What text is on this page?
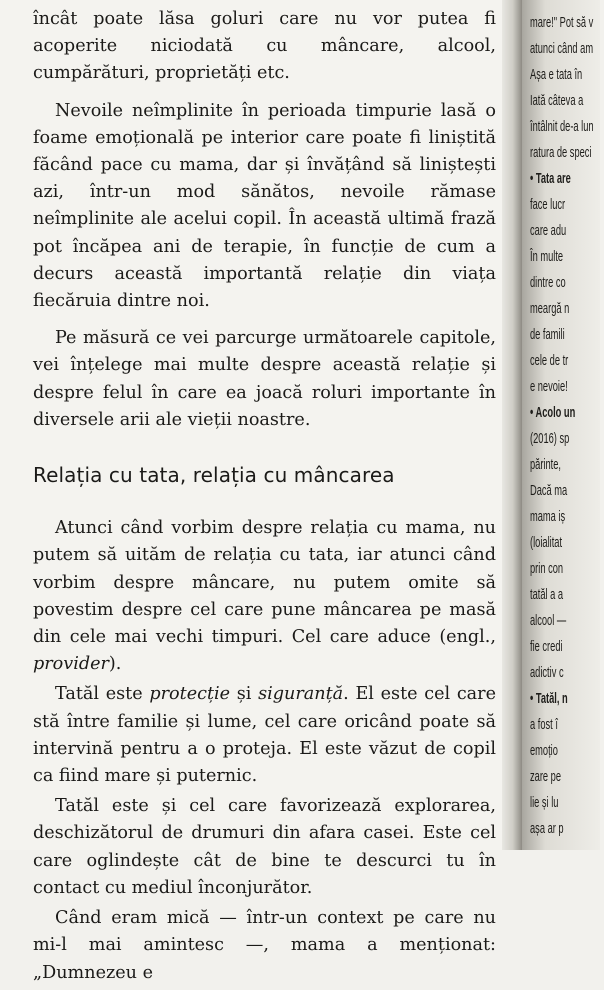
încât poate lăsa goluri care nu vor putea fi acoperite niciodată cu mâncare, alcool, cumpărături, proprietăți etc.

Nevoile neîmplinite în perioada timpurie lasă o foame emoțională pe interior care poate fi liniștită făcând pace cu mama, dar și învățând să liniștești azi, într-un mod sănătos, nevoile rămase neîmplinite ale acelui copil. În această ultimă frază pot încăpea ani de terapie, în funcție de cum a decurs această importantă relație din viața fiecăruia dintre noi.

Pe măsură ce vei parcurge următoarele capitole, vei înțelege mai multe despre această relație și despre felul în care ea joacă roluri importante în diversele arii ale vieții noastre.

Relația cu tata, relația cu mâncarea

Atunci când vorbim despre relația cu mama, nu putem să uităm de relația cu tata, iar atunci când vorbim despre mâncare, nu putem omite să povestim despre cel care pune mâncarea pe masă din cele mai vechi timpuri. Cel care aduce (engl., provider).

Tatăl este protecție și siguranță. El este cel care stă între familie și lume, cel care oricând poate să intervină pentru a o proteja. El este văzut de copil ca fiind mare și puternic.

Tatăl este și cel care favorizează explorarea, deschizătorul de drumuri din afara casei. Este cel care oglindește cât de bine te descurci tu în contact cu mediul înconjurător.

Când eram mică — într-un context pe care nu mi-l mai amintesc —, mama a menționat: „Dumnezeu e

mare!" Pot să v
atunci când am
Așa e tata în
Iată câteva a
întâlnit de-a lun
ratura de speci
• Tata are
face lucr
care adu
În multe
dintre co
meargă n
de famili
cele de tr
e nevoie!
• Acolo un
(2016) sp
părinte,
Dacă ma
mama iș
(loialitat
prin con
tatăl a a
alcool —
fie credi
adictiv c
• Tatăl, n
a fost î
emoțio
zare pe
lie și lu
așa ar p
